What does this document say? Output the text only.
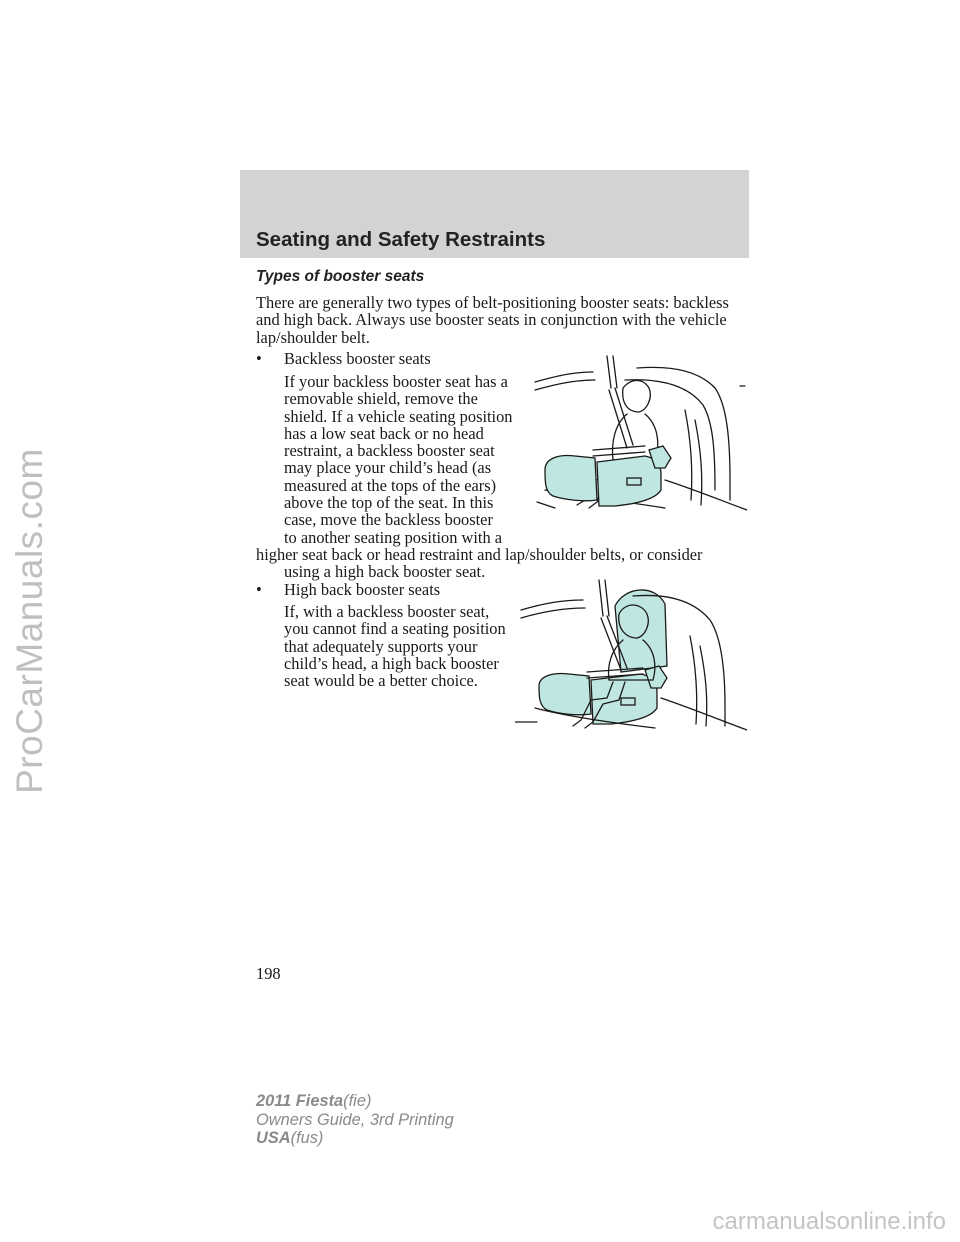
ProCarManuals.com
Seating and Safety Restraints
Types of booster seats
There are generally two types of belt-positioning booster seats: backless
and high back. Always use booster seats in conjunction with the vehicle
lap/shoulder belt.
•	Backless booster seats
If your backless booster seat has a
removable shield, remove the
shield. If a vehicle seating position
has a low seat back or no head
restraint, a backless booster seat
may place your child’s head (as
measured at the tops of the ears)
above the top of the seat. In this
case, move the backless booster
to another seating position with a
higher seat back or head restraint and lap/shoulder belts, or consider
using a high back booster seat.
•	High back booster seats
If, with a backless booster seat,
you cannot find a seating position
that adequately supports your
child’s head, a high back booster
seat would be a better choice.
198
2011 Fiesta(fie)
Owners Guide, 3rd Printing
USA(fus)
carmanualsonline.info
